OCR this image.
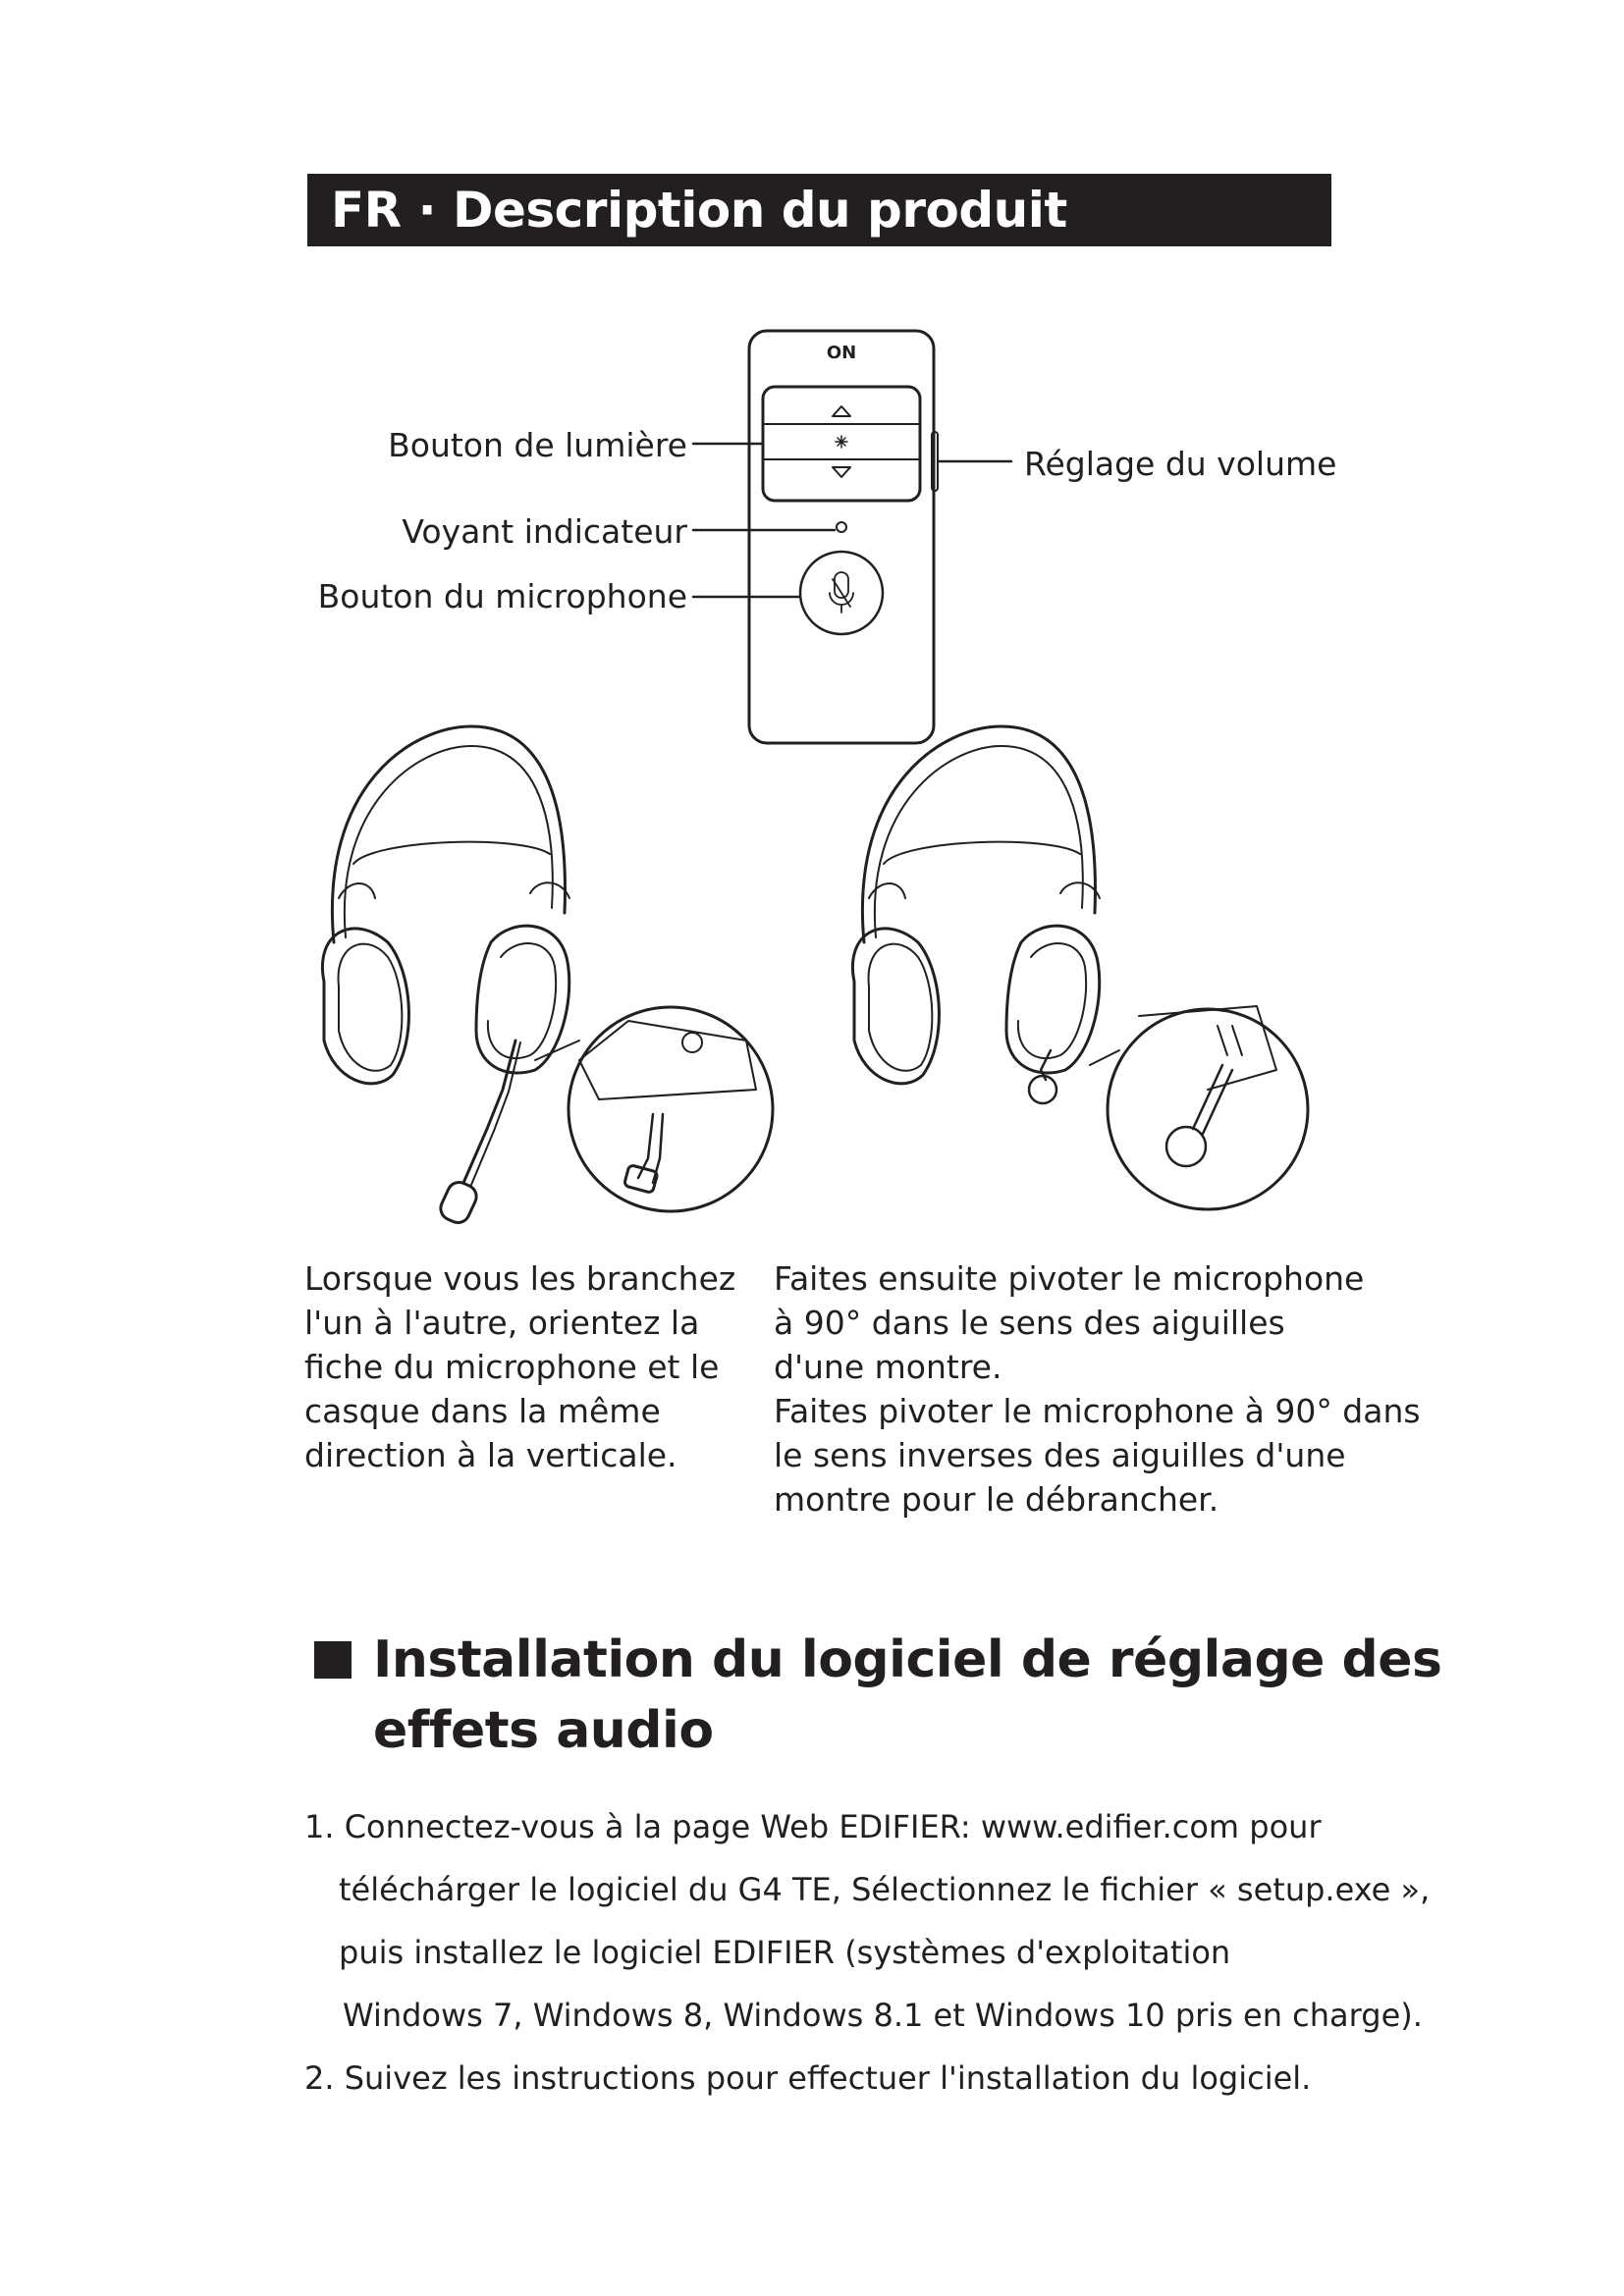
FR · Description du produit
ON
Bouton de lumière
Voyant indicateur
Bouton du microphone
Réglage du volume
Lorsque vous les branchez
l'un à l'autre, orientez la
fiche du microphone et le
casque dans la même
direction à la verticale.
Faites ensuite pivoter le microphone
à 90° dans le sens des aiguilles
d'une montre.
Faites pivoter le microphone à 90° dans
le sens inverses des aiguilles d'une
montre pour le débrancher.
Installation du logiciel de réglage des
effets audio
1. Connectez-vous à la page Web EDIFIER: www.edifier.com pour
téléchárger le logiciel du G4 TE, Sélectionnez le fichier « setup.exe »,
puis installez le logiciel EDIFIER (systèmes d'exploitation
Windows 7, Windows 8, Windows 8.1 et Windows 10 pris en charge).
2. Suivez les instructions pour effectuer l'installation du logiciel.
